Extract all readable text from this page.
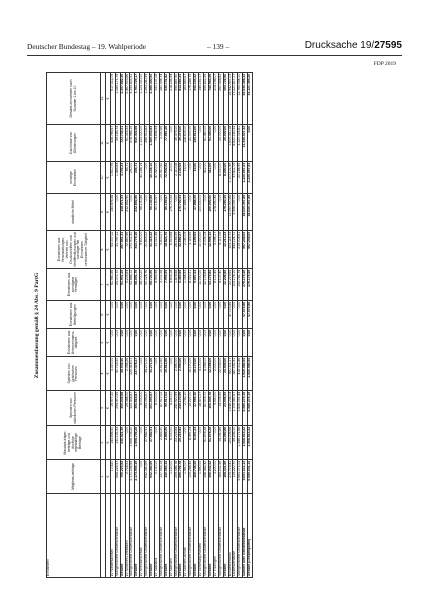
Deutscher Bundestag – 19. Wahlperiode	– 139 –	Drucksache 19/27595
FDP 2019
Zusammenfassung gemäß § 24 Abs. 9 PartG
Einnahmen	Mitglieds-beiträge	Mandats-träger-beiträge und ähnliche regelmäßige Beiträge	Spenden von natürlichen Personen	Spenden von juristischen Personen	Einnahmen aus Unternehmens-tätigkeit	Einnahmen aus Beteiligungen	Einnahmen aus sonstigem Vermögen	Einnahmen aus Veranstaltungen, Vertrieb von Druckschriften und Veröffentlichungen und sonstiger mit Einnahmen verbundener Tätigkeit	staatliche Mittel	sonstige Einnahmen	Zuschüsse von Gliederungen	Gesamt-einnahmen nach Nummer 1 bis 10
	1	2	3	4	5	6	7	8	9	10	11	12
	€	€	€	€	€	€	€	€	€	€	€	€
LV Niedersachsen	10.520	143.656,50	19.977,20	3.300,00	0,00	0,00	61.940,36	63.007,11	143.676,58	1.610,76	428.766,67	617.312,09
nachgeordnete Gebietsverbände	668.225,57	131.191,53	294.470,55	40.718,50	0,00	0,00	25.071,70	20.797,11	0,00	1.465,84	39.185,73	1.085.171,79
Gesamt	795.225,52	230.521,39	305.046,68	48.939,50	0,00	0,00	61.951,25	267.891,31	148.971,53	3.745,23	723.745,21	2.257.882,36
LV Nordrhein-Westfalen	2.718,53	0,00	29.384,00	2.064,26	0,00	0,00	5.205,64	72.867,66	232.892,90	85,71	61.316,53	2.467.903,66
nachgeordnete Gebietsverbände	2.171.236,66	1.668.706,20	325.434,87	225.414,01	0,00	0,00	52.886,12	270.911,50	0,00	250,00	578.986,15	5.293.825,51
Gesamt	2.173.955,19	1.668.706,20	354.818,87	227.478,27	0,00	0,00	58.091,76	343.779,16	232.892,90	335,71	640.302,68	7.761.729,17
LV Rheinland-Pfalz	0,00	0,00	8.000,00	0,00	0,00	0,00	38.700,20	9.600,00	66.130,86	40.148,14	1.123.020,00	1.123.020,00
nachgeordnete Gebietsverbände	642.380,69	27.682,91	193.093,67	34.271,00	0,00	0,00	30.024,76	21.816,22	0,00	0,00	266.513,83	1.263.280,94
Gesamt	642.380,69	27.682,91	201.093,67	34.271,00	0,00	0,00	68.724,96	31.416,22	66.130,86	40.148,14	1.389.533,83	2.386.300,94
LV Saarland	2.130,00	0,00	8.000,00	0,00	0,00	0,00	4.993,98	13.021,48	80.150,67	47.520,00	74.836,54	150.137,08
nachgeordnete Gebietsverbände	137.953,14	2.865,50	87.917,02	15.612,60	0,00	0,00	3.001,58	5.803,27	0,00	25.410,92	3.050,66	280.594,74
Gesamt	140.083,14	2.865,50	95.917,02	15.612,60	0,00	0,00	7.995,56	18.824,75	80.150,67	72.930,92	77.887,20	430.731,82
LV Sachsen	1.120,00	6.000,00	8.250,00	0,00	0,00	0,00	4.605,18	6.513,68	176.700,53	20,00	0,00	218.236,54
nachgeordnete Gebietsverbände	259.586,78	23.216,84	240.920,99	2.590,00	0,00	0,00	1.878,68	26.166,59	0,00	2.110,08	39.375,00	595.847,90
Gesamt	260.706,78	29.216,84	249.170,99	2.590,00	0,00	0,00	6.483,86	32.680,27	176.700,53	2.130,08	39.375,00	814.084,44
LV Sachsen-Anhalt	1.490,00	0,00	2.742,10	0,00	0,00	0,00	1.044,93	2.080,09	27.888,55	15,00	128.605,00	163.865,67
nachgeordnete Gebietsverbände	105.248,45	8.497,24	15.227,00	15.170,00	0,00	0,00	8.022,51	3.116,55	0,00	0,00	21.007,00	176.288,75
Gesamt	106.738,45	8.497,24	17.969,10	15.170,00	0,00	0,00	9.067,44	5.196,64	27.888,55	15,00	149.612,00	340.154,42
LV Schleswig-Holstein	1.590,00	0,00	18.471,07	4.100,00	0,00	0,00	11.000,00	10.000,00	100.000,00	0,00	0,00	145.161,07
nachgeordnete Gebietsverbände	348.442,42	61.678,28	81.578,71	8.068,00	0,00	0,00	32.176,84	2.006,14	0,00	412,00	61.460,00	595.822,39
Gesamt	350.032,42	61.678,28	100.049,78	12.168,00	0,00	0,00	43.176,84	12.006,14	100.000,00	412,00	61.460,00	740.983,46
LV Thüringen	3.200,00	0,00	9.550,00	2.000,00	0,00	0,00	8.101,45	3.096,17	178.250,45	0,00	0,00	204.198,07
nachgeordnete Gebietsverbände	165.231,96	14.060,86	14.006,55	22.005,00	0,00	0,00	4.107,40	9.117,06	0,00	8.000,00	25.000,00	261.528,83
Gesamt	168.431,96	14.060,86	23.556,55	24.005,00	0,00	0,00	12.208,85	12.213,23	178.250,45	8.000,00	25.000,00	465.726,90
Bundesverband	273.719,41	123.206,66	1.648.236,04	920.111,17	0,00	47.075,86	20.219,65	305.116,73	12.090.900,86	1.107.101,49	1.605.350,18	15.942.957,05
Landesverbände	114.220,70	39.236,10	1.105.987,67	187.161,91	0,00	0,00	103.174,10	443.126,71	5.958.097,00	97.811,09	8.621.160,33	17.221.817,17
nachgeordnete Gebietsverbände	5.663.071,03	1.346.171,66	1.826.051,44	418.311,86	0,00	0,00	152.781,74	219.004,61	0,00	20.184,95	3.120.016,81	12.765.594,10
Summe aller Gebietsverbände	6.051.011,14	1.508.614,42	4.580.275,15	1.525.584,94	0,00	47.075,86	276.175,49	967.248,05	18.049.397,86	1.225.097,53	13.346.527,32	45.930.368,32
Gesamt (Gesamtpartei)	6.089.031,14	1.508.614,42	4.580.275,15	1.525.584,94	0,00	47.075,86	276.175,49	967.248,05	18.049.397,86	1.225.097,53	0,00	33.121.369,20
